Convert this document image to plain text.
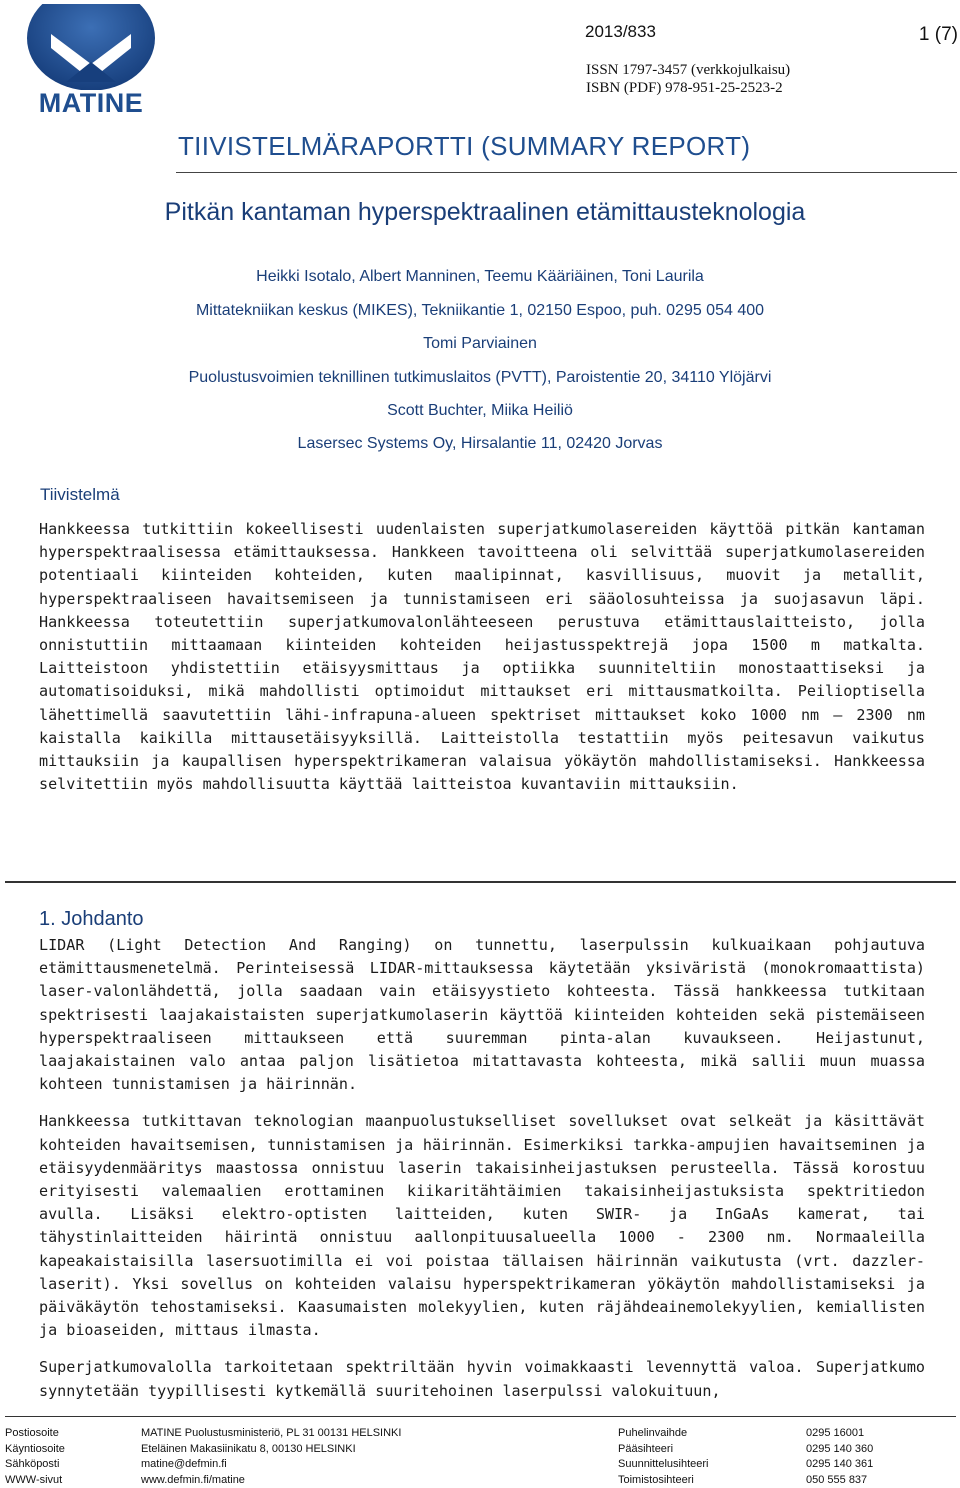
MATINE
2013/833	1 (7)
ISSN 1797-3457 (verkkojulkaisu)
ISBN (PDF) 978-951-25-2523-2
TIIVISTELMÄRAPORTTI (SUMMARY REPORT)
Pitkän kantaman hyperspektraalinen etämittausteknologia
Heikki Isotalo, Albert Manninen, Teemu Kääriäinen, Toni Laurila
Mittatekniikan keskus (MIKES), Tekniikantie 1, 02150 Espoo, puh. 0295 054 400
Tomi Parviainen
Puolustusvoimien teknillinen tutkimuslaitos (PVTT), Paroistentie 20, 34110 Ylöjärvi
Scott Buchter, Miika Heiliö
Lasersec Systems Oy, Hirsalantie 11, 02420 Jorvas
Tiivistelmä

Hankkeessa tutkittiin kokeellisesti uudenlaisten superjatkumolasereiden käyttöä pitkän kantaman hyperspektraalisessa etämittauksessa. Hankkeen tavoitteena oli selvittää superjatkumolasereiden potentiaali kiinteiden kohteiden, kuten maalipinnat, kasvillisuus, muovit ja metallit, hyperspektraaliseen havaitsemiseen ja tunnistamiseen eri sääolosuhteissa ja suojasavun läpi. Hankkeessa toteutettiin superjatkumovalonlähteeseen perustuva etämittauslaitteisto, jolla onnistuttiin mittaamaan kiinteiden kohteiden heijastusspektrejä jopa 1500 m matkalta. Laitteistoon yhdistettiin etäisyysmittaus ja optiikka suunniteltiin monostaattiseksi ja automatisoiduksi, mikä mahdollisti optimoidut mittaukset eri mittausmatkoilta. Peilioptisella lähettimellä saavutettiin lähi-infrapuna-alueen spektriset mittaukset koko 1000 nm – 2300 nm kaistalla kaikilla mittausetäisyyksillä. Laitteistolla testattiin myös peitesavun vaikutus mittauksiin ja kaupallisen hyperspektrikameran valaisua yökäytön mahdollistamiseksi. Hankkeessa selvitettiin myös mahdollisuutta käyttää laitteistoa kuvantaviin mittauksiin.

1. Johdanto

LIDAR (Light Detection And Ranging) on tunnettu, laserpulssin kulkuaikaan pohjautuva etämittausmenetelmä. Perinteisessä LIDAR-mittauksessa käytetään yksiväristä (monokromaattista) laser-valonlähdettä, jolla saadaan vain etäisyystieto kohteesta. Tässä hankkeessa tutkitaan spektrisesti laajakaistaisten superjatkumolaserin käyttöä kiinteiden kohteiden sekä pistemäiseen hyperspektraaliseen mittaukseen että suuremman pinta-alan kuvaukseen. Heijastunut, laajakaistainen valo antaa paljon lisätietoa mitattavasta kohteesta, mikä sallii muun muassa kohteen tunnistamisen ja häirinnän.

Hankkeessa tutkittavan teknologian maanpuolustukselliset sovellukset ovat selkeät ja käsittävät kohteiden havaitsemisen, tunnistamisen ja häirinnän. Esimerkiksi tarkka-ampujien havaitseminen ja etäisyydenmääritys maastossa onnistuu laserin takaisinheijastuksen perusteella. Tässä korostuu erityisesti valemaalien erottaminen kiikaritähtäimien takaisinheijastuksista spektritiedon avulla. Lisäksi elektro-optisten laitteiden, kuten SWIR- ja InGaAs kamerat, tai tähystinlaitteiden häirintä onnistuu aallonpituusalueella 1000 - 2300 nm. Normaaleilla kapeakaistaisilla lasersuotimilla ei voi poistaa tällaisen häirinnän vaikutusta (vrt. dazzler-laserit). Yksi sovellus on kohteiden valaisu hyperspektrikameran yökäytön mahdollistamiseksi ja päiväkäytön tehostamiseksi. Kaasumaisten molekyylien, kuten räjähdeainemolekyylien, kemiallisten ja bioaseiden, mittaus ilmasta.

Superjatkumovalolla tarkoitetaan spektriltään hyvin voimakkaasti levennyttä valoa. Superjatkumo synnytetään tyypillisesti kytkemällä suuritehoinen laserpulssi valokuituun,

Postiosoite
Käyntiosoite
Sähköposti
WWW-sivut
MATINE Puolustusministeriö, PL 31 00131 HELSINKI
Eteläinen Makasiinikatu 8, 00130 HELSINKI
matine@defmin.fi
www.defmin.fi/matine
Puhelinvaihde
Pääsihteeri
Suunnittelusihteeri
Toimistosihteeri
0295 16001
0295 140 360
0295 140 361
050 555 837
